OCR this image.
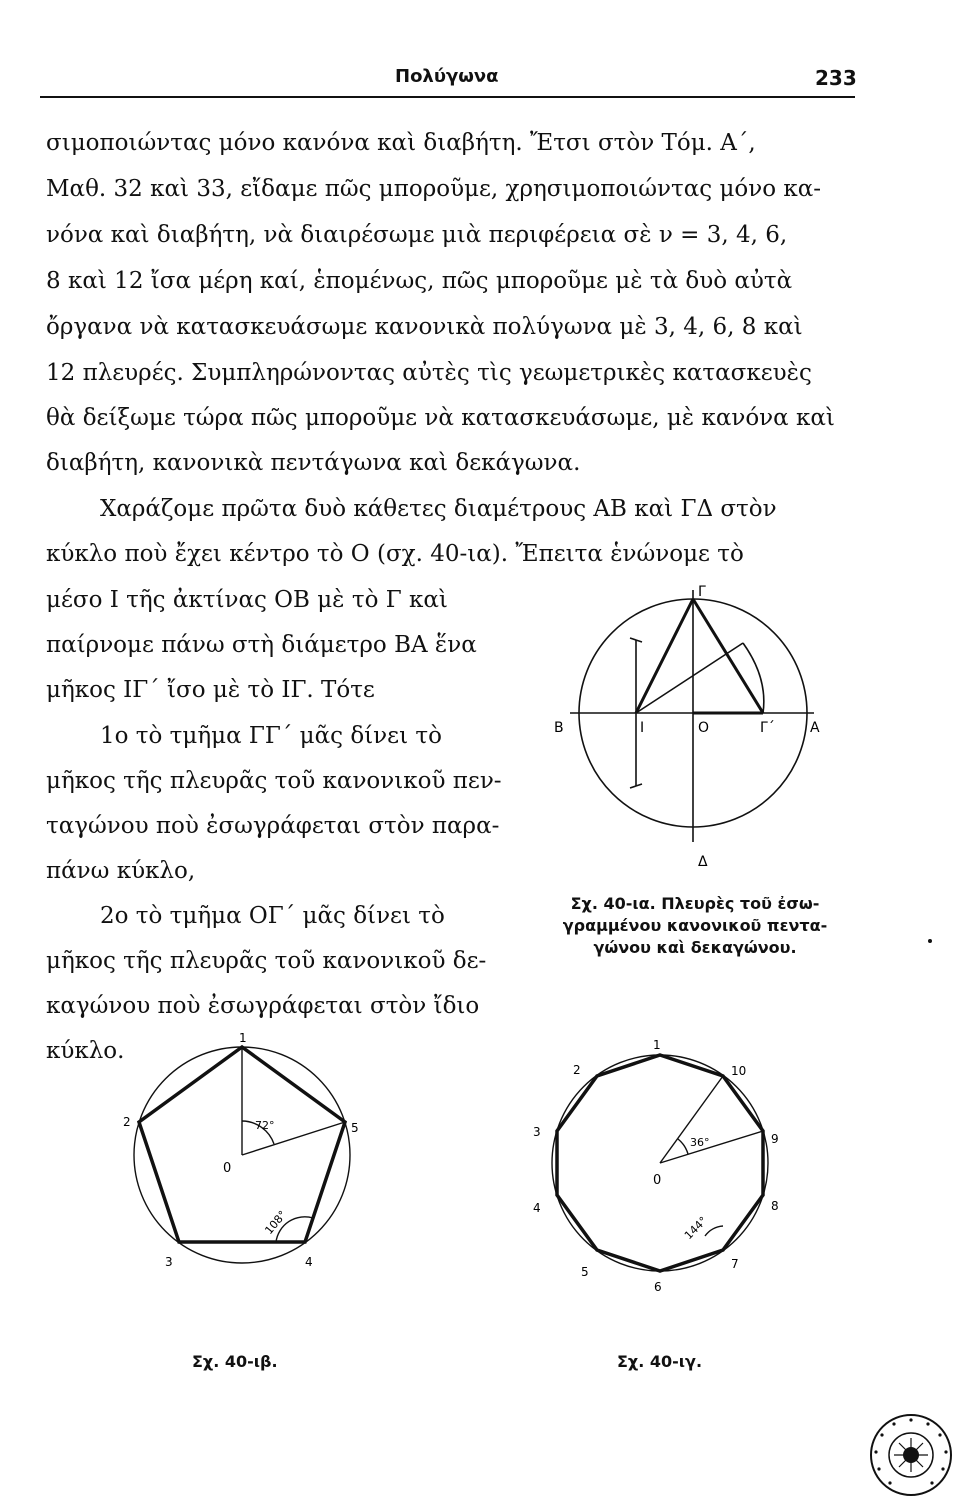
Πολύγωνα	233
σιμοποιώντας μόνο κανόνα καὶ διαβήτη. Ἔτσι στὸν Τόμ. Α΄,
Μαθ. 32 καὶ 33, εἴδαμε πῶς μποροῦμε, χρησιμοποιώντας μόνο κα-
νόνα καὶ διαβήτη, νὰ διαιρέσωμε μιὰ περιφέρεια σὲ ν = 3, 4, 6,
8 καὶ 12 ἴσα μέρη καί, ἑπομένως, πῶς μποροῦμε μὲ τὰ δυὸ αὐτὰ
ὄργανα νὰ κατασκευάσωμε κανονικὰ πολύγωνα μὲ 3, 4, 6, 8 καὶ
12 πλευρές. Συμπληρώνοντας αὐτὲς τὶς γεωμετρικὲς κατασκευὲς
θὰ δείξωμε τώρα πῶς μποροῦμε νὰ κατασκευάσωμε, μὲ κανόνα καὶ
διαβήτη, κανονικὰ πεντάγωνα καὶ δεκάγωνα.
Χαράζομε πρῶτα δυὸ κάθετες διαμέτρους ΑΒ καὶ ΓΔ στὸν
κύκλο ποὺ ἔχει κέντρο τὸ Ο (σχ. 40-ια). Ἔπειτα ἑνώνομε τὸ
μέσο Ι τῆς ἀκτίνας ΟΒ μὲ τὸ Γ καὶ
παίρνομε πάνω στὴ διάμετρο ΒΑ ἕνα
μῆκος ΙΓ΄ ἴσο μὲ τὸ ΙΓ. Τότε
1ο τὸ τμῆμα ΓΓ΄ μᾶς δίνει τὸ
μῆκος τῆς πλευρᾶς τοῦ κανονικοῦ πεν-
ταγώνου ποὺ ἐσωγράφεται στὸν παρα-
πάνω κύκλο,
2ο τὸ τμῆμα ΟΓ΄ μᾶς δίνει τὸ
μῆκος τῆς πλευρᾶς τοῦ κανονικοῦ δε-
καγώνου ποὺ ἐσωγράφεται στὸν ἴδιο
κύκλο.
Γ
Β	Ι	Ο	Γ΄	Α
Δ
Σχ. 40-ια. Πλευρὲς τοῦ ἐσω-
γραμμένου κανονικοῦ πεντα-
γώνου καὶ δεκαγώνου.
1
2
3	4
5
0
72°
108°
Σχ. 40-ιβ.
1
2
3
4
5
6
7
8
9
10
0
36°
144°
Σχ. 40-ιγ.
